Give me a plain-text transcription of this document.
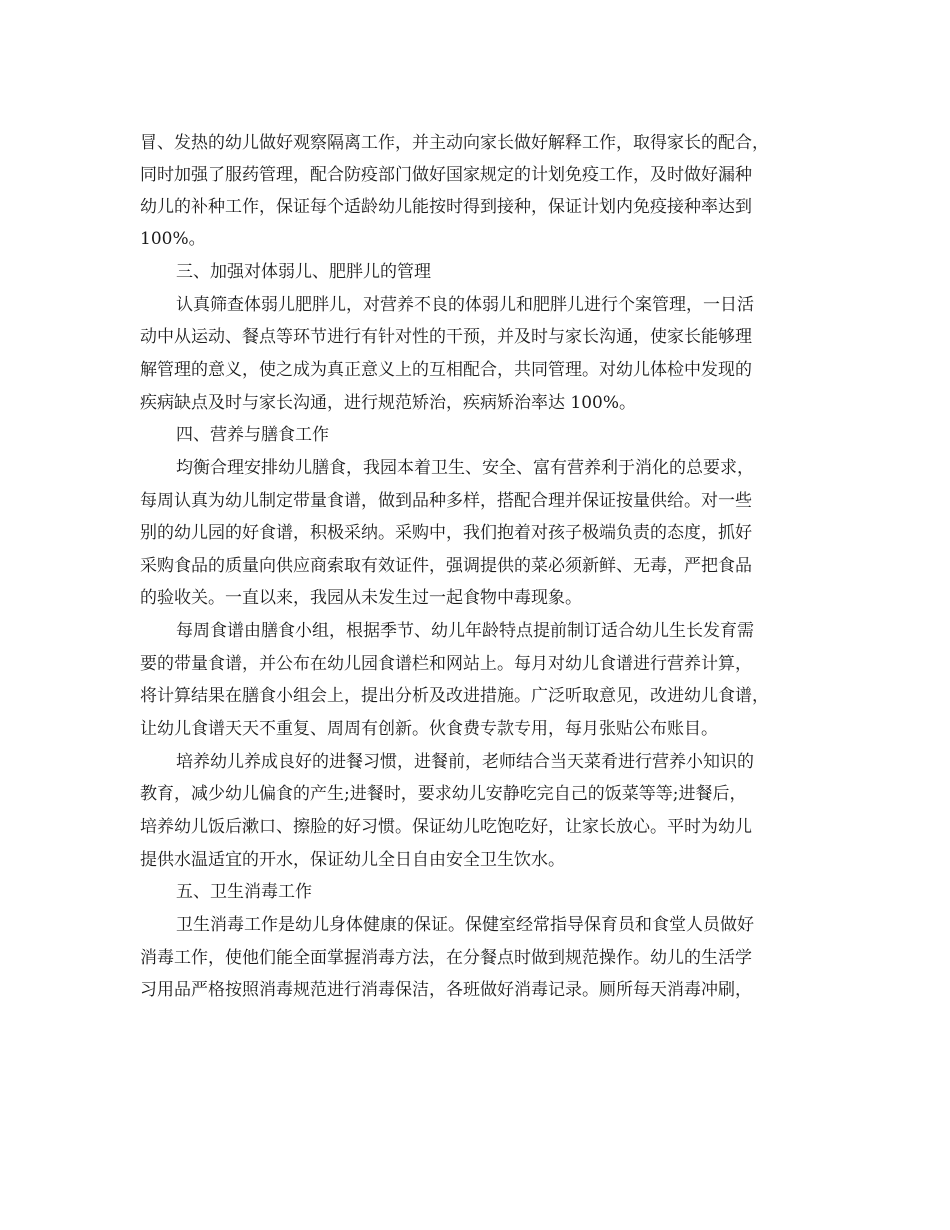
冒、发热的幼儿做好观察隔离工作，并主动向家长做好解释工作，取得家长的配合，
同时加强了服药管理，配合防疫部门做好国家规定的计划免疫工作，及时做好漏种
幼儿的补种工作，保证每个适龄幼儿能按时得到接种，保证计划内免疫接种率达到
100%。
三、加强对体弱儿、肥胖儿的管理
认真筛查体弱儿肥胖儿，对营养不良的体弱儿和肥胖儿进行个案管理，一日活
动中从运动、餐点等环节进行有针对性的干预，并及时与家长沟通，使家长能够理
解管理的意义，使之成为真正意义上的互相配合，共同管理。对幼儿体检中发现的
疾病缺点及时与家长沟通，进行规范矫治，疾病矫治率达 100%。
四、营养与膳食工作
均衡合理安排幼儿膳食，我园本着卫生、安全、富有营养利于消化的总要求，
每周认真为幼儿制定带量食谱，做到品种多样，搭配合理并保证按量供给。对一些
别的幼儿园的好食谱，积极采纳。采购中，我们抱着对孩子极端负责的态度，抓好
采购食品的质量向供应商索取有效证件，强调提供的菜必须新鲜、无毒，严把食品
的验收关。一直以来，我园从未发生过一起食物中毒现象。
每周食谱由膳食小组，根据季节、幼儿年龄特点提前制订适合幼儿生长发育需
要的带量食谱，并公布在幼儿园食谱栏和网站上。每月对幼儿食谱进行营养计算，
将计算结果在膳食小组会上，提出分析及改进措施。广泛听取意见，改进幼儿食谱，
让幼儿食谱天天不重复、周周有创新。伙食费专款专用，每月张贴公布账目。
培养幼儿养成良好的进餐习惯，进餐前，老师结合当天菜肴进行营养小知识的
教育，减少幼儿偏食的产生;进餐时，要求幼儿安静吃完自己的饭菜等等;进餐后，
培养幼儿饭后漱口、擦脸的好习惯。保证幼儿吃饱吃好，让家长放心。平时为幼儿
提供水温适宜的开水，保证幼儿全日自由安全卫生饮水。
五、卫生消毒工作
卫生消毒工作是幼儿身体健康的保证。保健室经常指导保育员和食堂人员做好
消毒工作，使他们能全面掌握消毒方法，在分餐点时做到规范操作。幼儿的生活学
习用品严格按照消毒规范进行消毒保洁，各班做好消毒记录。厕所每天消毒冲刷，
